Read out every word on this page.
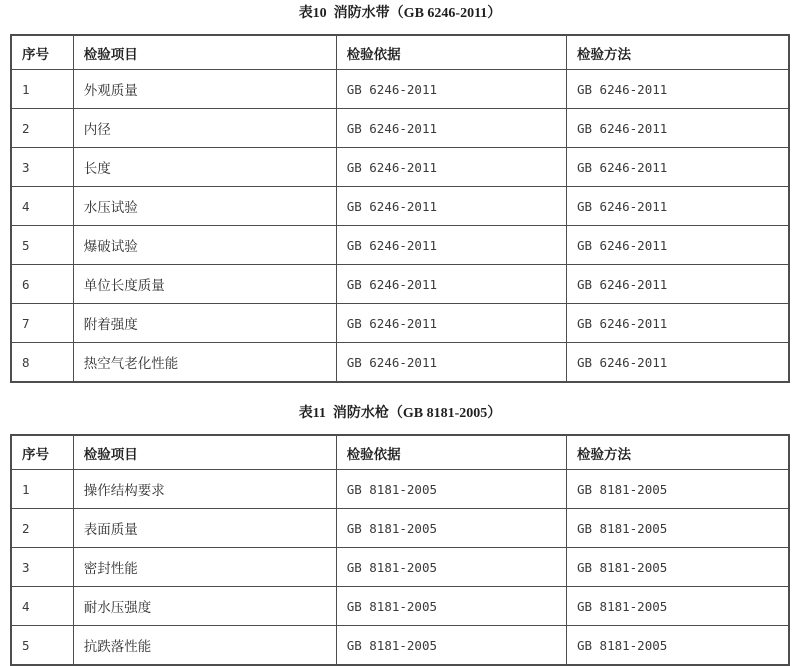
表10  消防水带（GB 6246-2011）
序号	检验项目	检验依据	检验方法
1	外观质量	GB 6246-2011	GB 6246-2011
2	内径	GB 6246-2011	GB 6246-2011
3	长度	GB 6246-2011	GB 6246-2011
4	水压试验	GB 6246-2011	GB 6246-2011
5	爆破试验	GB 6246-2011	GB 6246-2011
6	单位长度质量	GB 6246-2011	GB 6246-2011
7	附着强度	GB 6246-2011	GB 6246-2011
8	热空气老化性能	GB 6246-2011	GB 6246-2011
表11  消防水枪（GB 8181-2005）
序号	检验项目	检验依据	检验方法
1	操作结构要求	GB 8181-2005	GB 8181-2005
2	表面质量	GB 8181-2005	GB 8181-2005
3	密封性能	GB 8181-2005	GB 8181-2005
4	耐水压强度	GB 8181-2005	GB 8181-2005
5	抗跌落性能	GB 8181-2005	GB 8181-2005
